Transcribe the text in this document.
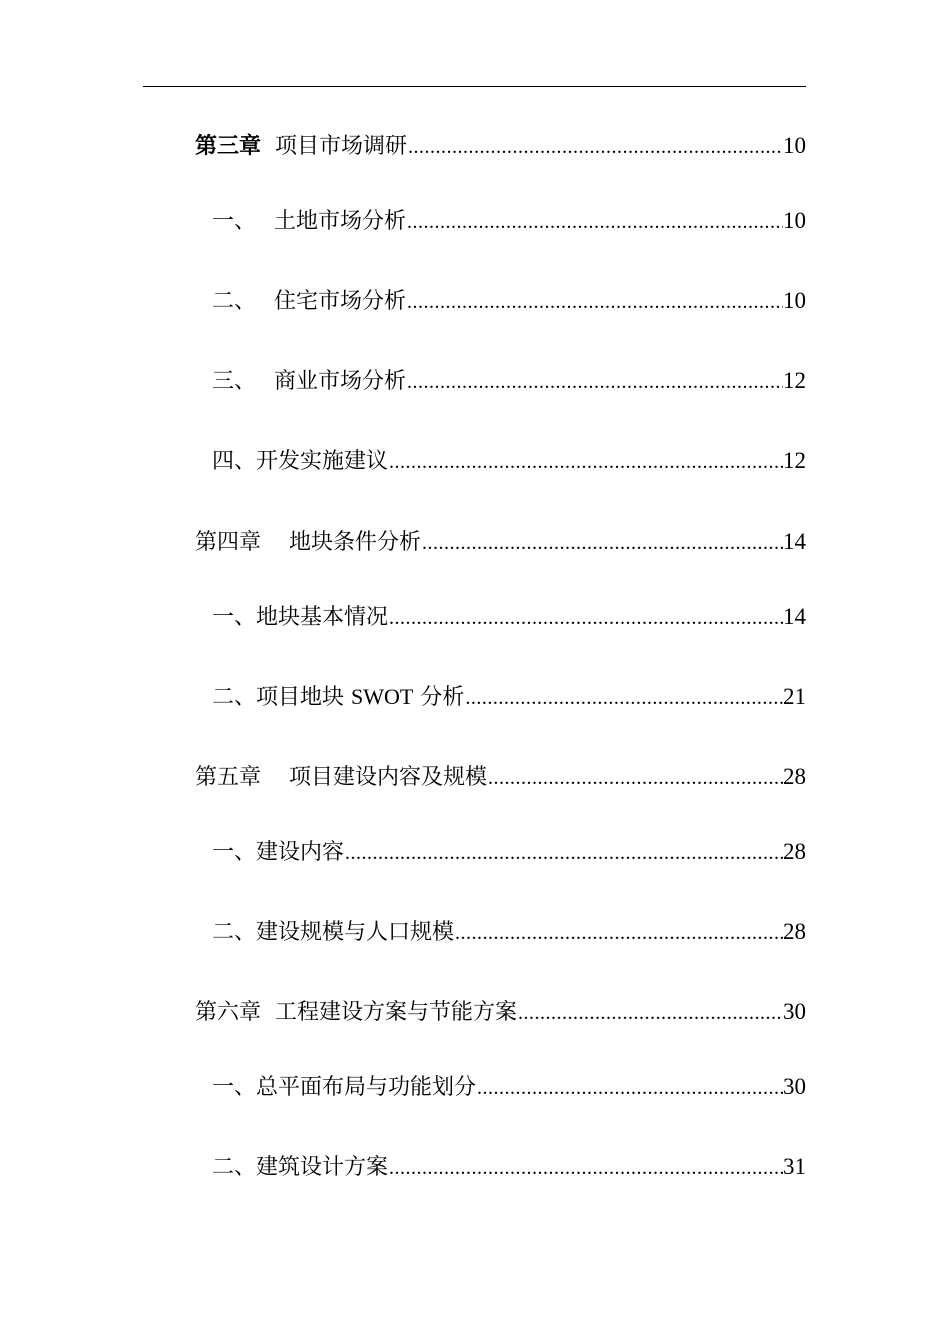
第三章 项目市场调研 .....	10
一、 土地市场分析 .....	10
二、 住宅市场分析 .....	10
三、 商业市场分析 .....	12
四、开发实施建议 .....	12
第四章 地块条件分析 .....	14
一、地块基本情况 .....	14
二、项目地块 SWOT 分析 .....	21
第五章 项目建设内容及规模 .....	28
一、建设内容 .....	28
二、建设规模与人口规模 .....	28
第六章 工程建设方案与节能方案 .....	30
一、总平面布局与功能划分 .....	30
二、建筑设计方案 .....	31
